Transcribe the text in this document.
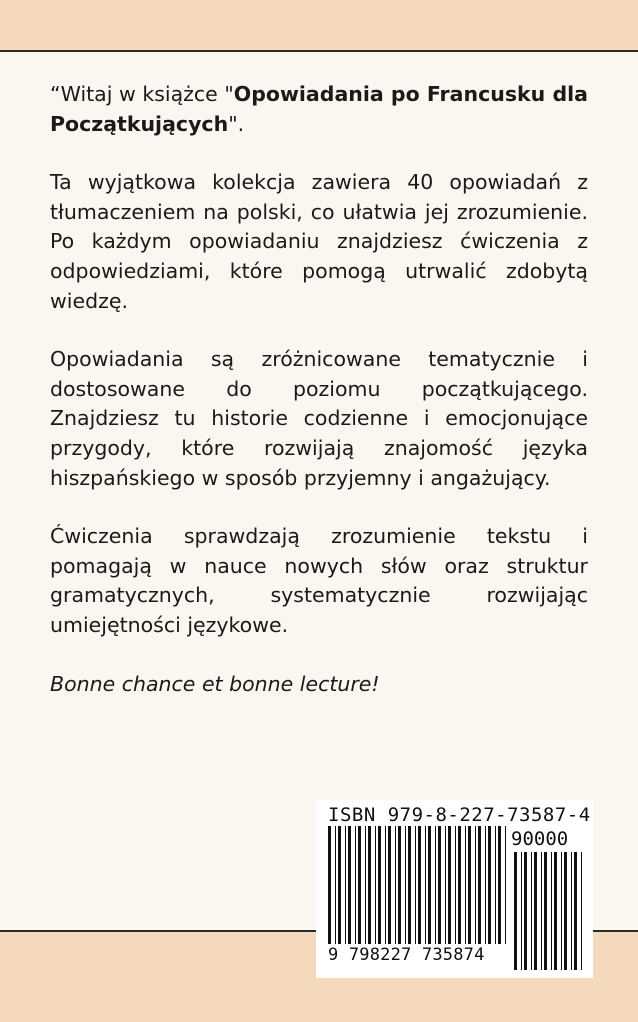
“Witaj w książce "Opowiadania po Francusku dla Początkujących".

Ta wyjątkowa kolekcja zawiera 40 opowiadań z tłumaczeniem na polski, co ułatwia jej zrozumienie. Po każdym opowiadaniu znajdziesz ćwiczenia z odpowiedziami, które pomogą utrwalić zdobytą wiedzę.

Opowiadania są zróżnicowane tematycznie i dostosowane do poziomu początkującego. Znajdziesz tu historie codzienne i emocjonujące przygody, które rozwijają znajomość języka hiszpańskiego w sposób przyjemny i angażujący.

Ćwiczenia sprawdzają zrozumienie tekstu i pomagają w nauce nowych słów oraz struktur gramatycznych, systematycznie rozwijając umiejętności językowe.

Bonne chance et bonne lecture!

ISBN 979-8-227-73587-4
90000
9 798227 735874
